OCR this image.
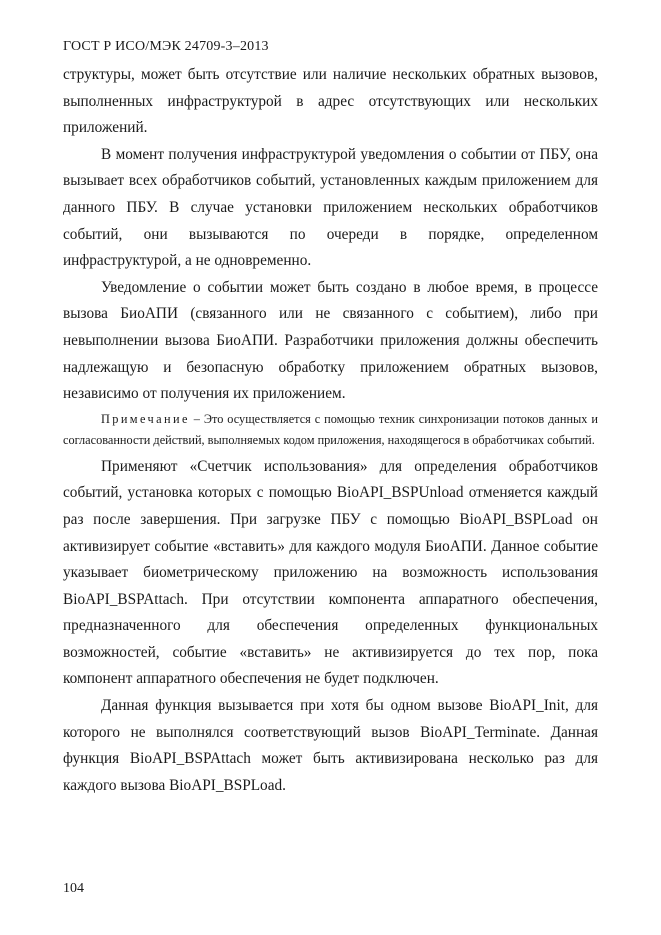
ГОСТ Р ИСО/МЭК 24709-3–2013

структуры, может быть отсутствие или наличие нескольких обратных вызовов, выполненных инфраструктурой в адрес отсутствующих или нескольких приложений.

В момент получения инфраструктурой уведомления о событии от ПБУ, она вызывает всех обработчиков событий, установленных каждым приложением для данного ПБУ. В случае установки приложением нескольких обработчиков событий, они вызываются по очереди в порядке, определенном инфраструктурой, а не одновременно.

Уведомление о событии может быть создано в любое время, в процессе вызова БиоАПИ (связанного или не связанного с событием), либо при невыполнении вызова БиоАПИ. Разработчики приложения должны обеспечить надлежащую и безопасную обработку приложением обратных вызовов, независимо от получения их приложением.

Примечание – Это осуществляется с помощью техник синхронизации потоков данных и согласованности действий, выполняемых кодом приложения, находящегося в обработчиках событий.

Применяют «Счетчик использования» для определения обработчиков событий, установка которых с помощью BioAPI_BSPUnload отменяется каждый раз после завершения. При загрузке ПБУ с помощью BioAPI_BSPLoad он активизирует событие «вставить» для каждого модуля БиоАПИ. Данное событие указывает биометрическому приложению на возможность использования BioAPI_BSPAttach. При отсутствии компонента аппаратного обеспечения, предназначенного для обеспечения определенных функциональных возможностей, событие «вставить» не активизируется до тех пор, пока компонент аппаратного обеспечения не будет подключен.

Данная функция вызывается при хотя бы одном вызове BioAPI_Init, для которого не выполнялся соответствующий вызов BioAPI_Terminate. Данная функция BioAPI_BSPAttach может быть активизирована несколько раз для каждого вызова BioAPI_BSPLoad.

104
